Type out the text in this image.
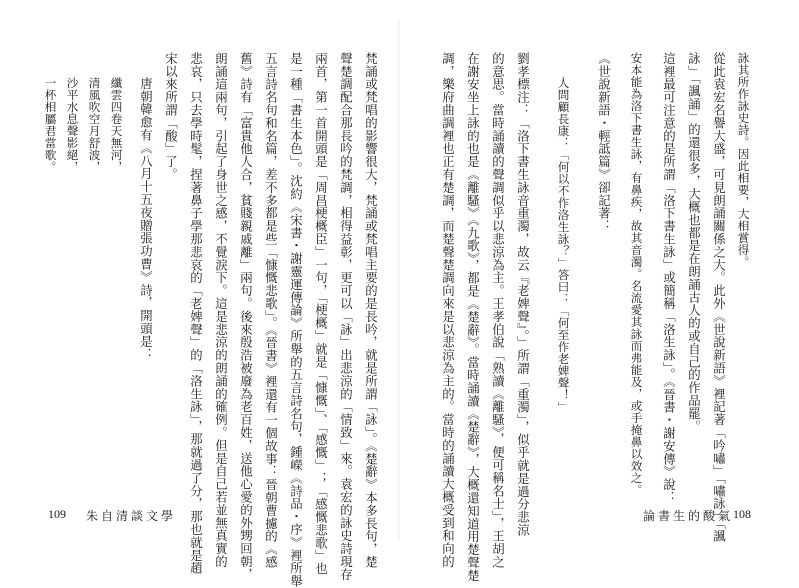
詠其所作詠史詩。因此相要，大相賞得。
從此袁宏名譽大盛，可見朗誦關係之大。此外《世說新語》裡記著「吟嘯」「嘯詠」「諷
詠」「諷誦」的還很多，大概也都是在朗誦古人的或自己的作品罷。
這裡最可注意的是所謂「洛下書生詠」或簡稱「洛生詠」。《晉書・謝安傳》說：
安本能為洛下書生詠，有鼻疾，故其音濁。名流愛其詠而弗能及，或手掩鼻以效之。
《世說新語・輕詆篇》卻記著：
人問顧長康：「何以不作洛生詠？」答曰：「何至作老婢聲！」
劉孝標注：「洛下書生詠音重濁，故云『老婢聲』。」所謂「重濁」，似乎就是過分悲涼
的意思。當時誦讀的聲調似乎以悲涼為主。王孝伯說「熟讀《離騷》，便可稱名士」，王胡之
在謝安坐上詠的也是《離騷》《九歌》，都是《楚辭》。當時誦讀《楚辭》，大概還知道用楚聲楚
調，樂府曲調裡也正有楚調，而楚聲楚調向來是以悲涼為主的。當時的誦讀大概受到和向的	論書生的酸氣 108
梵誦或梵唱的影響很大，梵誦或梵唱主要的是長吟，就是所謂「詠」。《楚辭》本多長句，楚
聲楚調配合那長吟的梵調，相得益彰，更可以「詠」出悲涼的「情致」來。袁宏的詠史詩現存
兩首，第一首開頭是「周昌梗概臣」一句，「梗概」就是「慷慨」、「感慨」；「感慨悲歌」也
是一種「書生本色」。沈約《宋書・謝靈運傳論》所舉的五言詩名句，鍾嶸《詩品・序》裡所舉
五言詩名句和名篇，差不多都是些「慷慨悲歌」。《晉書》裡還有一個故事：晉朝曹攄的《感
舊》詩有「富貴他人合，貧賤親戚離」兩句。後來殷浩被廢為老百姓，送他心愛的外甥回朝，
朗誦這兩句，引起了身世之感，不覺淚下。這是悲涼的朗誦的確例。但是自己若並無真實的
悲哀，只去學時髦，捏著鼻子學那悲哀的「老婢聲」的「洛生詠」，那就過了分，那也就是趙
宋以來所謂「酸」了。
唐朝韓愈有《八月十五夜贈張功曹》詩，開頭是：
纖雲四卷天無河，
清風吹空月舒波，
沙平水息聲影絕，
一杯相屬君當歌。
109 朱自清談文學
